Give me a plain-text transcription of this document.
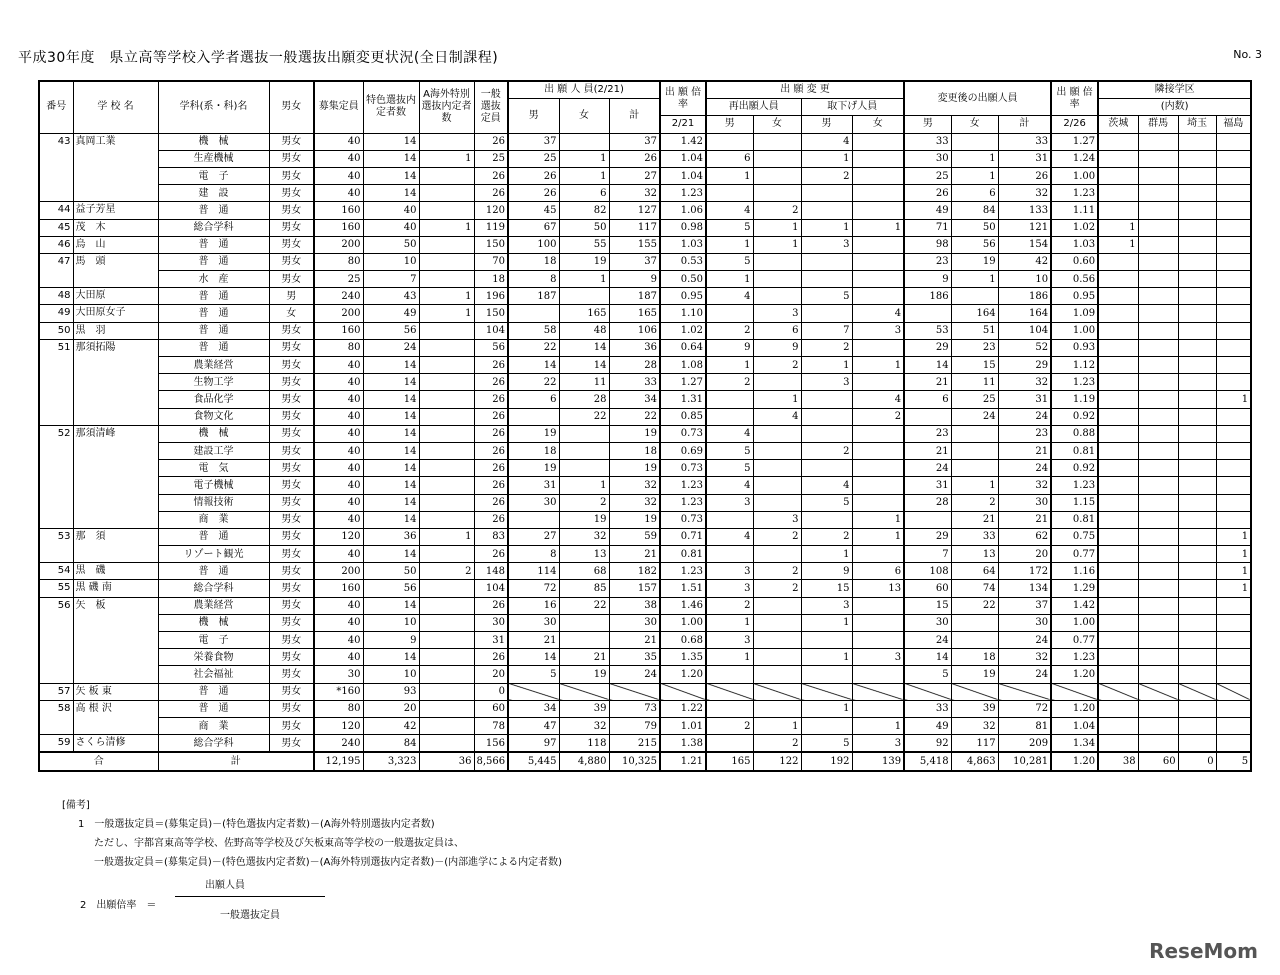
平成30年度　県立高等学校入学者選抜一般選抜出願変更状況(全日制課程)	No. 3
番号	学 校 名	学科(系・科)名	男女	募集定員	特色選抜内定者数	A海外特別選抜内定者数	一般選抜定員	出 願 人 員(2/21)			出 願 倍 率	出 願 変 更				変更後の出願人員			出 願 倍 率	隣接学区			
								男	女	計		再出願人員		取下げ人員						(内数)			
											2/21	男	女	男	女	男	女	計	2/26	茨城	群馬	埼玉	福島
43	真岡工業	機　械	男女	40	14		26	37		37	1.42			4		33		33	1.27				
		生産機械	男女	40	14	1	25	25	1	26	1.04	6		1		30	1	31	1.24				
		電　子	男女	40	14		26	26	1	27	1.04	1		2		25	1	26	1.00				
		建　設	男女	40	14		26	26	6	32	1.23					26	6	32	1.23				
44	益子芳星	普　通	男女	160	40		120	45	82	127	1.06	4	2			49	84	133	1.11				
45	茂　木	総合学科	男女	160	40	1	119	67	50	117	0.98	5	1	1	1	71	50	121	1.02	1			
46	烏　山	普　通	男女	200	50		150	100	55	155	1.03	1	1	3		98	56	154	1.03	1			
47	馬　頭	普　通	男女	80	10		70	18	19	37	0.53	5				23	19	42	0.60				
		水　産	男女	25	7		18	8	1	9	0.50	1				9	1	10	0.56				
48	大田原	普　通	男	240	43	1	196	187		187	0.95	4		5		186		186	0.95				
49	大田原女子	普　通	女	200	49	1	150		165	165	1.10		3		4		164	164	1.09				
50	黒　羽	普　通	男女	160	56		104	58	48	106	1.02	2	6	7	3	53	51	104	1.00				
51	那須拓陽	普　通	男女	80	24		56	22	14	36	0.64	9	9	2		29	23	52	0.93				
		農業経営	男女	40	14		26	14	14	28	1.08	1	2	1	1	14	15	29	1.12				
		生物工学	男女	40	14		26	22	11	33	1.27	2		3		21	11	32	1.23				
		食品化学	男女	40	14		26	6	28	34	1.31		1		4	6	25	31	1.19				1
		食物文化	男女	40	14		26		22	22	0.85		4		2		24	24	0.92				
52	那須清峰	機　械	男女	40	14		26	19		19	0.73	4				23		23	0.88				
		建設工学	男女	40	14		26	18		18	0.69	5		2		21		21	0.81				
		電　気	男女	40	14		26	19		19	0.73	5				24		24	0.92				
		電子機械	男女	40	14		26	31	1	32	1.23	4		4		31	1	32	1.23				
		情報技術	男女	40	14		26	30	2	32	1.23	3		5		28	2	30	1.15				
		商　業	男女	40	14		26		19	19	0.73		3		1		21	21	0.81				
53	那　須	普　通	男女	120	36	1	83	27	32	59	0.71	4	2	2	1	29	33	62	0.75				1
		リゾート観光	男女	40	14		26	8	13	21	0.81			1		7	13	20	0.77				1
54	黒　磯	普　通	男女	200	50	2	148	114	68	182	1.23	3	2	9	6	108	64	172	1.16				1
55	黒 磯 南	総合学科	男女	160	56		104	72	85	157	1.51	3	2	15	13	60	74	134	1.29				1
56	矢　板	農業経営	男女	40	14		26	16	22	38	1.46	2		3		15	22	37	1.42				
		機　械	男女	40	10		30	30		30	1.00	1		1		30		30	1.00				
		電　子	男女	40	9		31	21		21	0.68	3				24		24	0.77				
		栄養食物	男女	40	14		26	14	21	35	1.35	1		1	3	14	18	32	1.23				
		社会福祉	男女	30	10		20	5	19	24	1.20					5	19	24	1.20				
57	矢 板 東	普　通	男女	*160	93		0																
58	高 根 沢	普　通	男女	80	20		60	34	39	73	1.22			1		33	39	72	1.20				
		商　業	男女	120	42		78	47	32	79	1.01	2	1		1	49	32	81	1.04				
59	さくら清修	総合学科	男女	240	84		156	97	118	215	1.38		2	5	3	92	117	209	1.34				
合		計		12,195	3,323	36	8,566	5,445	4,880	10,325	1.21	165	122	192	139	5,418	4,863	10,281	1.20	38	60	0	5
[備考]
1　一般選抜定員＝(募集定員)－(特色選抜内定者数)－(A海外特別選抜内定者数)
ただし、宇都宮東高等学校、佐野高等学校及び矢板東高等学校の一般選抜定員は、
一般選抜定員＝(募集定員)－(特色選抜内定者数)－(A海外特別選抜内定者数)－(内部進学による内定者数)
2　出願倍率　＝
出願人員
一般選抜定員
ReseMom
